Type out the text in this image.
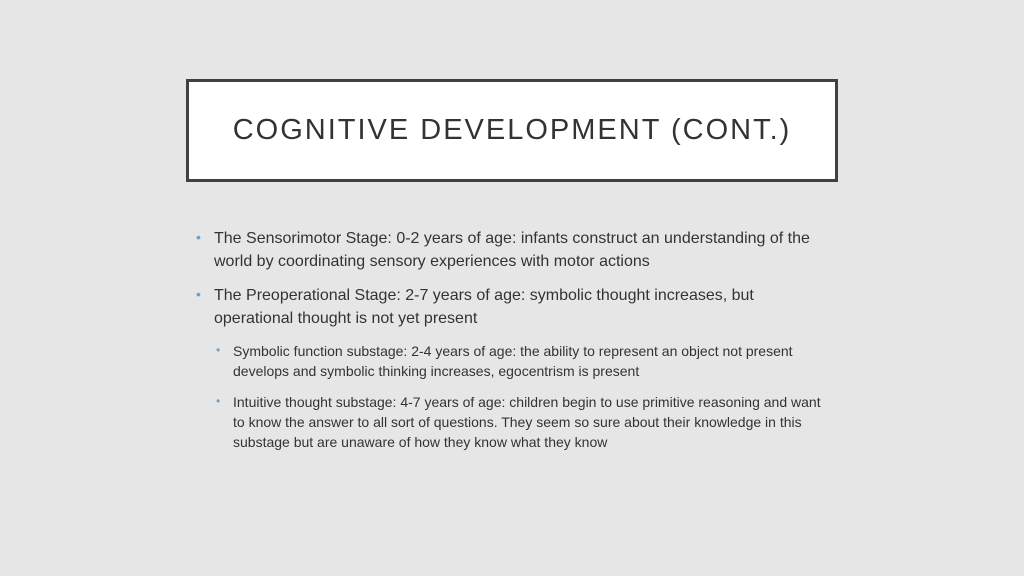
COGNITIVE DEVELOPMENT (CONT.)
• The Sensorimotor Stage: 0-2 years of age: infants construct an understanding of the world by coordinating sensory experiences with motor actions
• The Preoperational Stage: 2-7 years of age: symbolic thought increases, but operational thought is not yet present
• Symbolic function substage: 2-4 years of age: the ability to represent an object not present develops and symbolic thinking increases, egocentrism is present
• Intuitive thought substage: 4-7 years of age: children begin to use primitive reasoning and want to know the answer to all sort of questions. They seem so sure about their knowledge in this substage but are unaware of how they know what they know
